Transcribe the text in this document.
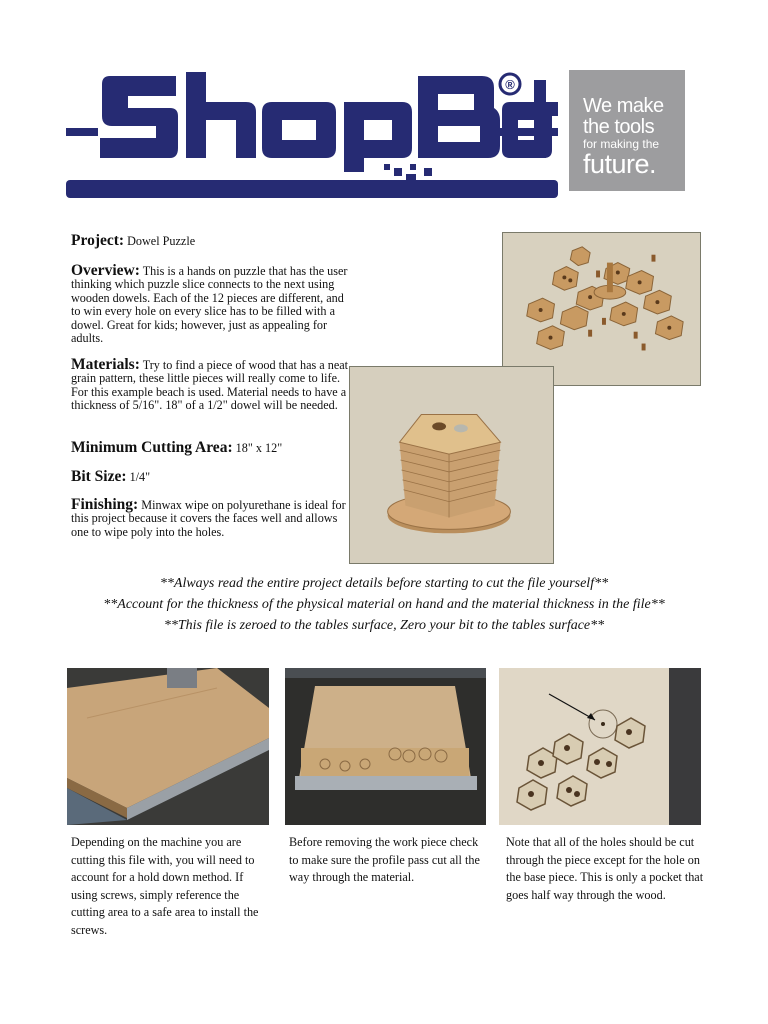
®
We make
the tools
for making the
future.
Project: Dowel Puzzle
Overview: This is a hands on puzzle that has the user thinking which puzzle slice connects to the next using wooden dowels. Each of the 12 pieces are different, and to win every hole on every slice has to be filled with a dowel. Great for kids; however, just as appealing for adults.
Materials: Try to find a piece of wood that has a neat grain pattern, these little pieces will really come to life. For this example beach is used. Material needs to have a thickness of 5/16". 18" of a 1/2" dowel will be needed.
Minimum Cutting Area: 18" x 12"
Bit Size: 1/4"
Finishing: Minwax wipe on polyurethane is ideal for this project because it covers the faces well and allows one to wipe poly into the holes.
**Always read the entire project details before starting to cut the file yourself**
**Account for the thickness of the physical material on hand and the material thickness in the file**
**This file is zeroed to the tables surface, Zero your bit to the tables surface**
Depending on the machine you are cutting this file with, you will need to account for a hold down method. If using screws, simply reference the cutting area to a safe area to install the screws.
Before removing the work piece check to make sure the profile pass cut all the way through the material.
Note that all of the holes should be cut through the piece except for the hole on the base piece. This is only a pocket that goes half way through the wood.
